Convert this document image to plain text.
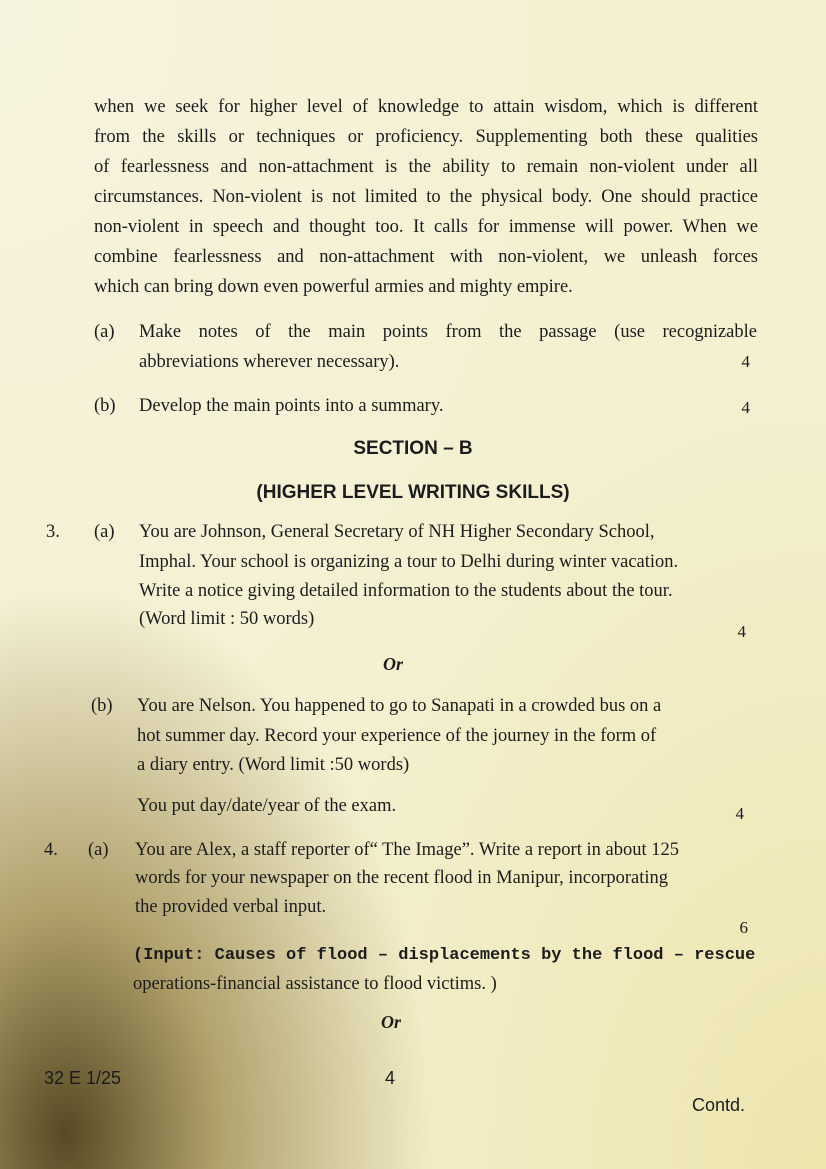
when we seek for higher level of knowledge to attain wisdom, which is different
from the skills or techniques or proficiency. Supplementing both these qualities
of fearlessness and non-attachment is the ability to remain non-violent under all
circumstances. Non-violent is not limited to the physical body. One should practice
non-violent in speech and thought too. It calls for immense will power. When we
combine fearlessness and non-attachment with non-violent, we unleash forces
which can bring down even powerful armies and mighty empire.
(a) Make notes of the main points from the passage (use recognizable
abbreviations wherever necessary).	4
(b) Develop the main points into a summary.	4
SECTION – B
(HIGHER LEVEL WRITING SKILLS)
3. (a) You are Johnson, General Secretary of NH Higher Secondary School,
Imphal. Your school is organizing a tour to Delhi during winter vacation.
Write a notice giving detailed information to the students about the tour.
(Word limit : 50 words)
4
Or
(b) You are Nelson. You happened to go to Sanapati in a crowded bus on a
hot summer day. Record your experience of the journey in the form of
a diary entry. (Word limit :50 words)
You put day/date/year of the exam.	4
4. (a) You are Alex, a staff reporter of“ The Image”. Write a report in about 125
words for your newspaper on the recent flood in Manipur, incorporating
the provided verbal input.
6
(Input: Causes of flood – displacements by the flood – rescue
operations-financial assistance to flood victims. )
Or
32 E 1/25	4
Contd.
